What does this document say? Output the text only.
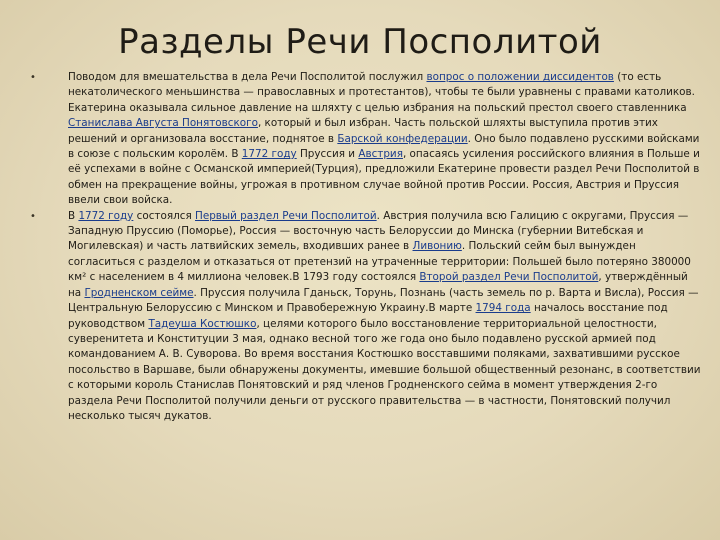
Разделы Речи Посполитой
•	Поводом для вмешательства в дела Речи Посполитой послужил вопрос о положении диссидентов (то есть некатолического меньшинства — православных и протестантов), чтобы те были уравнены с правами католиков. Екатерина оказывала сильное давление на шляхту с целью избрания на польский престол своего ставленника Станислава Августа Понятовского, который и был избран. Часть польской шляхты выступила против этих решений и организовала восстание, поднятое в Барской конфедерации. Оно было подавлено русскими войсками в союзе с польским королём. В 1772 году Пруссия и Австрия, опасаясь усиления российского влияния в Польше и её успехами в войне с Османской империей(Турция), предложили Екатерине провести раздел Речи Посполитой в обмен на прекращение войны, угрожая в противном случае войной против России. Россия, Австрия и Пруссия ввели свои войска.
•	В 1772 году состоялся Первый раздел Речи Посполитой. Австрия получила всю Галицию с округами, Пруссия — Западную Пруссию (Поморье), Россия — восточную часть Белоруссии до Минска (губернии Витебская и Могилевская) и часть латвийских земель, входивших ранее в Ливонию. Польский сейм был вынужден согласиться с разделом и отказаться от претензий на утраченные территории: Польшей было потеряно 380000 км² с населением в 4 миллиона человек.В 1793 году состоялся Второй раздел Речи Посполитой, утверждённый на Гродненском сейме. Пруссия получила Гданьск, Торунь, Познань (часть земель по р. Варта и Висла), Россия — Центральную Белоруссию с Минском и Правобережную Украину.В марте 1794 года началось восстание под руководством Тадеуша Костюшко, целями которого было восстановление территориальной целостности, суверенитета и Конституции 3 мая, однако весной того же года оно было подавлено русской армией под командованием А. В. Суворова. Во время восстания Костюшко восставшими поляками, захватившими русское посольство в Варшаве, были обнаружены документы, имевшие большой общественный резонанс, в соответствии с которыми король Станислав Понятовский и ряд членов Гродненского сейма в момент утверждения 2-го раздела Речи Посполитой получили деньги от русского правительства — в частности, Понятовский получил несколько тысяч дукатов.
